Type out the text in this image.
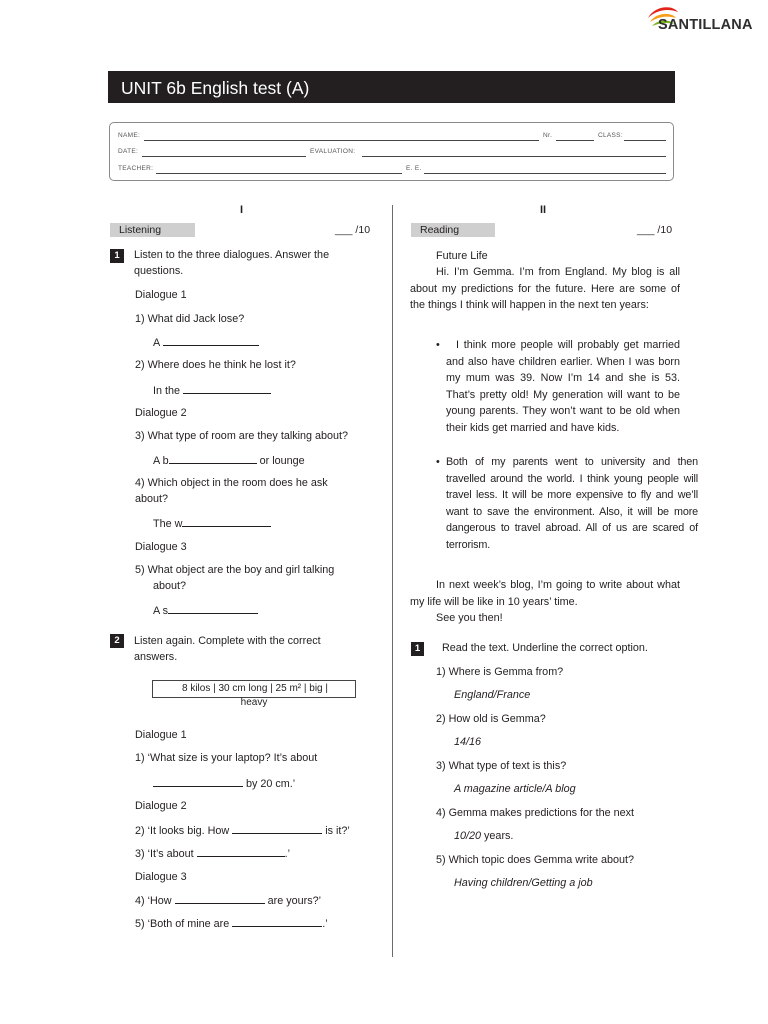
SANTILLANA
UNIT 6b English test (A)
NAME:	Nr.	CLASS:
DATE:	EVALUATION:
TEACHER:	E. E.
I
Listening	___ /10
1	Listen to the three dialogues. Answer the
questions.
Dialogue 1
1) What did Jack lose?
A
2) Where does he think he lost it?
In the
Dialogue 2
3) What type of room are they talking about?
A b	or lounge
4) Which object in the room does he ask
about?
The w
Dialogue 3
5) What object are the boy and girl talking
about?
A s
2	Listen again. Complete with the correct
answers.
8 kilos | 30 cm long | 25 m² | big |
heavy
Dialogue 1
1) ‘What size is your laptop? It’s about
by 20 cm.’
Dialogue 2
2) ‘It looks big. How	is it?’
3) ‘It’s about	.’
Dialogue 3
4) ‘How	are yours?’
5) ‘Both of mine are	.’
II
Reading	___ /10
Future Life
Hi. I’m Gemma. I’m from England. My blog is all about my predictions for the future. Here are some of the things I think will happen in the next ten years:
•	I think more people will probably get married and also have children earlier. When I was born my mum was 39. Now I’m 14 and she is 53. That’s pretty old! My generation will want to be young parents. They won’t want to be old when their kids get married and have kids.
• Both of my parents went to university and then travelled around the world. I think young people will travel less. It will be more expensive to fly and we’ll want to save the environment. Also, it will be more dangerous to travel abroad. All of us are scared of terrorism.
In next week’s blog, I’m going to write about what my life will be like in 10 years’ time.
See you then!
1	Read the text. Underline the correct option.
1) Where is Gemma from?
England/France
2) How old is Gemma?
14/16
3) What type of text is this?
A magazine article/A blog
4) Gemma makes predictions for the next
10/20 years.
5) Which topic does Gemma write about?
Having children/Getting a job
